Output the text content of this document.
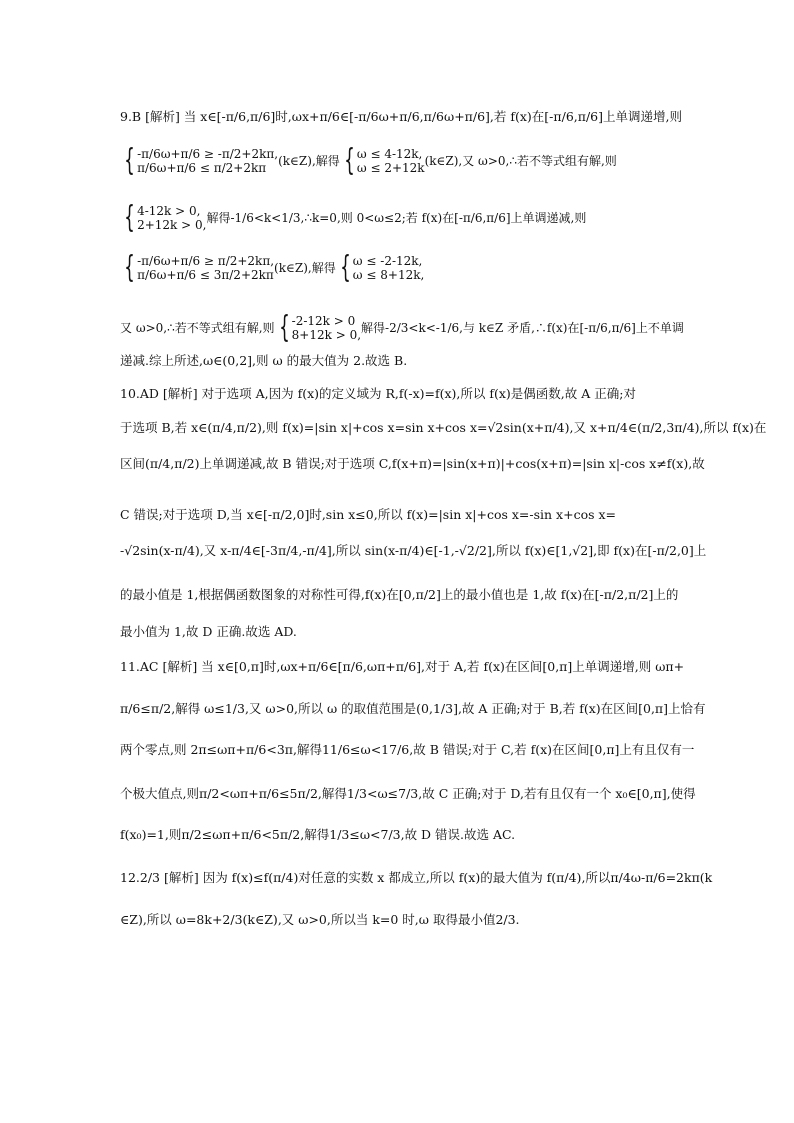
9.B [解析] 当 x∈[-π/6,π/6]时,ωx+π/6∈[-π/6ω+π/6,π/6ω+π/6],若 f(x)在[-π/6,π/6]上单调递增,则
{ -π/6ω+π/6 ≥ -π/2+2kπ,
π/6ω+π/6 ≤ π/2+2kπ (k∈Z),解得 { ω ≤ 4-12k,
ω ≤ 2+12k (k∈Z),又 ω>0,∴若不等式组有解,则
{ 4-12k > 0,
2+12k > 0, 解得-1/6<k<1/3,∴k=0,则 0<ω≤2;若 f(x)在[-π/6,π/6]上单调递减,则
{ -π/6ω+π/6 ≥ π/2+2kπ,
π/6ω+π/6 ≤ 3π/2+2kπ (k∈Z),解得 { ω ≤ -2-12k,
ω ≤ 8+12k,
又 ω>0,∴若不等式组有解,则 { -2-12k > 0
8+12k > 0, 解得-2/3<k<-1/6,与 k∈Z 矛盾,∴f(x)在[-π/6,π/6]上不单调
递减.综上所述,ω∈(0,2],则 ω 的最大值为 2.故选 B.
10.AD [解析] 对于选项 A,因为 f(x)的定义域为 R,f(-x)=f(x),所以 f(x)是偶函数,故 A 正确;对
于选项 B,若 x∈(π/4,π/2),则 f(x)=|sin x|+cos x=sin x+cos x=√2sin(x+π/4),又 x+π/4∈(π/2,3π/4),所以 f(x)在
区间(π/4,π/2)上单调递减,故 B 错误;对于选项 C,f(x+π)=|sin(x+π)|+cos(x+π)=|sin x|-cos x≠f(x),故
C 错误;对于选项 D,当 x∈[-π/2,0]时,sin x≤0,所以 f(x)=|sin x|+cos x=-sin x+cos x=
-√2sin(x-π/4),又 x-π/4∈[-3π/4,-π/4],所以 sin(x-π/4)∈[-1,-√2/2],所以 f(x)∈[1,√2],即 f(x)在[-π/2,0]上
的最小值是 1,根据偶函数图象的对称性可得,f(x)在[0,π/2]上的最小值也是 1,故 f(x)在[-π/2,π/2]上的
最小值为 1,故 D 正确.故选 AD.
11.AC [解析] 当 x∈[0,π]时,ωx+π/6∈[π/6,ωπ+π/6],对于 A,若 f(x)在区间[0,π]上单调递增,则 ωπ+
π/6≤π/2,解得 ω≤1/3,又 ω>0,所以 ω 的取值范围是(0,1/3],故 A 正确;对于 B,若 f(x)在区间[0,π]上恰有
两个零点,则 2π≤ωπ+π/6<3π,解得11/6≤ω<17/6,故 B 错误;对于 C,若 f(x)在区间[0,π]上有且仅有一
个极大值点,则π/2<ωπ+π/6≤5π/2,解得1/3<ω≤7/3,故 C 正确;对于 D,若有且仅有一个 x₀∈[0,π],使得
f(x₀)=1,则π/2≤ωπ+π/6<5π/2,解得1/3≤ω<7/3,故 D 错误.故选 AC.
12.2/3 [解析] 因为 f(x)≤f(π/4)对任意的实数 x 都成立,所以 f(x)的最大值为 f(π/4),所以π/4ω-π/6=2kπ(k
∈Z),所以 ω=8k+2/3(k∈Z),又 ω>0,所以当 k=0 时,ω 取得最小值2/3.
